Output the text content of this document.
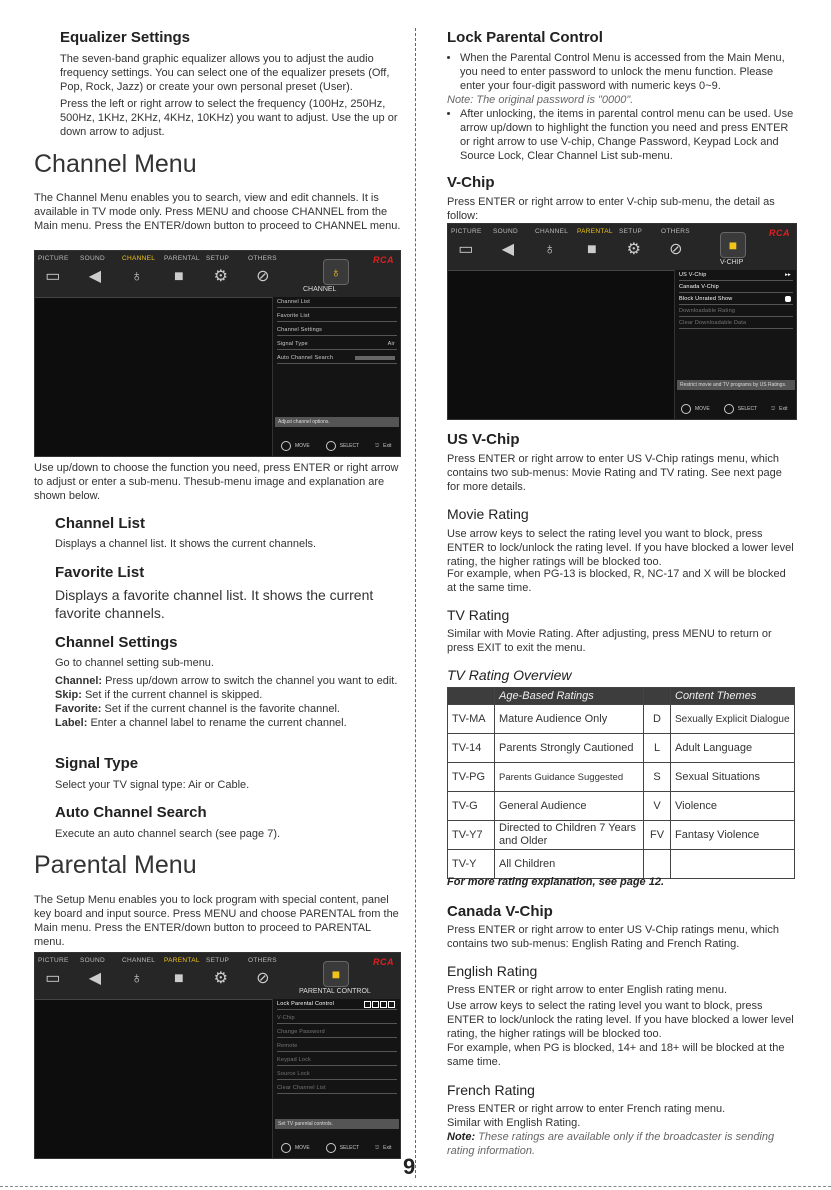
9
Equalizer Settings

The seven-band graphic equalizer allows you to adjust the audio frequency settings. You can select one of the equalizer presets (Off, Pop, Rock, Jazz) or create your own personal preset (User).

Press the left or right arrow to select the frequency (100Hz, 250Hz, 500Hz, 1KHz, 2KHz, 4KHz, 10KHz) you want to adjust. Use the up or down arrow to adjust.

Channel Menu

The Channel Menu enables you to search, view and edit channels. It is available in TV mode only. Press MENU and choose CHANNEL from the Main menu. Press the ENTER/down button to proceed to CHANNEL menu.

PICTURE
▭
SOUND
◀
CHANNEL
♁
PARENTAL
■
SETUP
⚙
OTHERS
⊘
RCA
♁
CHANNEL
Channel List
Favorite List
Channel Settings
Signal Type	Air
Auto Channel Search
Adjust channel options.
MOVE	SELECT	⎋ Exit

Use up/down to choose the function you need, press ENTER or right arrow to adjust or enter a sub-menu. Thesub-menu image and explanation are shown below.

Channel List

Displays a channel list. It shows the current channels.

Favorite List

Displays a favorite channel list. It shows the current favorite channels.

Channel Settings

Go to channel setting sub-menu.

Channel: Press up/down arrow to switch the channel you want to edit.

Skip: Set if the current channel is skipped.

Favorite: Set if the current channel is the favorite channel.

Label: Enter a channel label to rename the current channel.

Signal Type

Select your TV signal type: Air or Cable.

Auto Channel Search

Execute an auto channel search (see page 7).

Parental Menu

The Setup Menu enables you to lock program with special content, panel key board and input source. Press MENU and choose PARENTAL from the Main menu. Press the ENTER/down button to proceed to PARENTAL menu.

PICTURE
▭
SOUND
◀
CHANNEL
♁
PARENTAL
■
SETUP
⚙
OTHERS
⊘
RCA
■
PARENTAL CONTROL
Lock Parental Control
V-Chip
Change Password
Remote
Keypad Lock
Source Lock
Clear Channel List
Set TV parental controls.
MOVE	SELECT	⎋ Exit
Lock Parental Control
• When the Parental Control Menu is accessed from the Main Menu, you need to enter password to unlock the menu function. Please enter your four-digit password with numeric keys 0~9.

Note: The original password is "0000".

• After unlocking, the items in parental control menu can be used. Use arrow up/down to highlight the function you need and press ENTER or right arrow to use V-chip, Change Password, Keypad Lock and Source Lock, Clear Channel List sub-menu.
V-Chip

Press ENTER or right arrow to enter V-chip sub-menu, the detail as follow:

PICTURE
▭
SOUND
◀
CHANNEL
♁
PARENTAL
■
SETUP
⚙
OTHERS
⊘
RCA
■
V-CHIP
US V-Chip	▸▸
Canada V-Chip
Block Unrated Show
Downloadable Rating
Clear Downloadable Data
Restrict movie and TV programs by US Ratings.
MOVE	SELECT	⎋ Exit
US V-Chip

Press ENTER or right arrow to enter US V-Chip ratings menu, which contains two sub-menus: Movie Rating and TV rating. See next page for more details.

Movie Rating

Use arrow keys to select the rating level you want to block, press ENTER to lock/unlock the rating level. If you have blocked a lower level rating, the higher ratings will be blocked too.

For example, when PG-13 is blocked, R, NC-17 and X will be blocked at the same time.

TV Rating

Similar with Movie Rating. After adjusting, press MENU to return or press EXIT to exit the menu.

TV Rating Overview
	Age-Based Ratings		Content Themes
TV-MA	Mature Audience Only	D	Sexually Explicit Dialogue
TV-14	Parents Strongly Cautioned	L	Adult Language
TV-PG	Parents Guidance Suggested	S	Sexual Situations
TV-G	General Audience	V	Violence
TV-Y7	Directed to Children 7 Years and Older	FV	Fantasy Violence
TV-Y	All Children		

For more rating explanation, see page 12.

Canada V-Chip

Press ENTER or right arrow to enter US V-Chip ratings menu, which contains two sub-menus: English Rating and French Rating.

English Rating

Press ENTER or right arrow to enter English rating menu.

Use arrow keys to select the rating level you want to block, press ENTER to lock/unlock the rating level. If you have blocked a lower level rating, the higher ratings will be blocked too.

For example, when PG is blocked, 14+ and 18+ will be blocked at the same time.

French Rating

Press ENTER or right arrow to enter French rating menu.

Similar with English Rating.

Note: These ratings are available only if the broadcaster is sending rating information.
